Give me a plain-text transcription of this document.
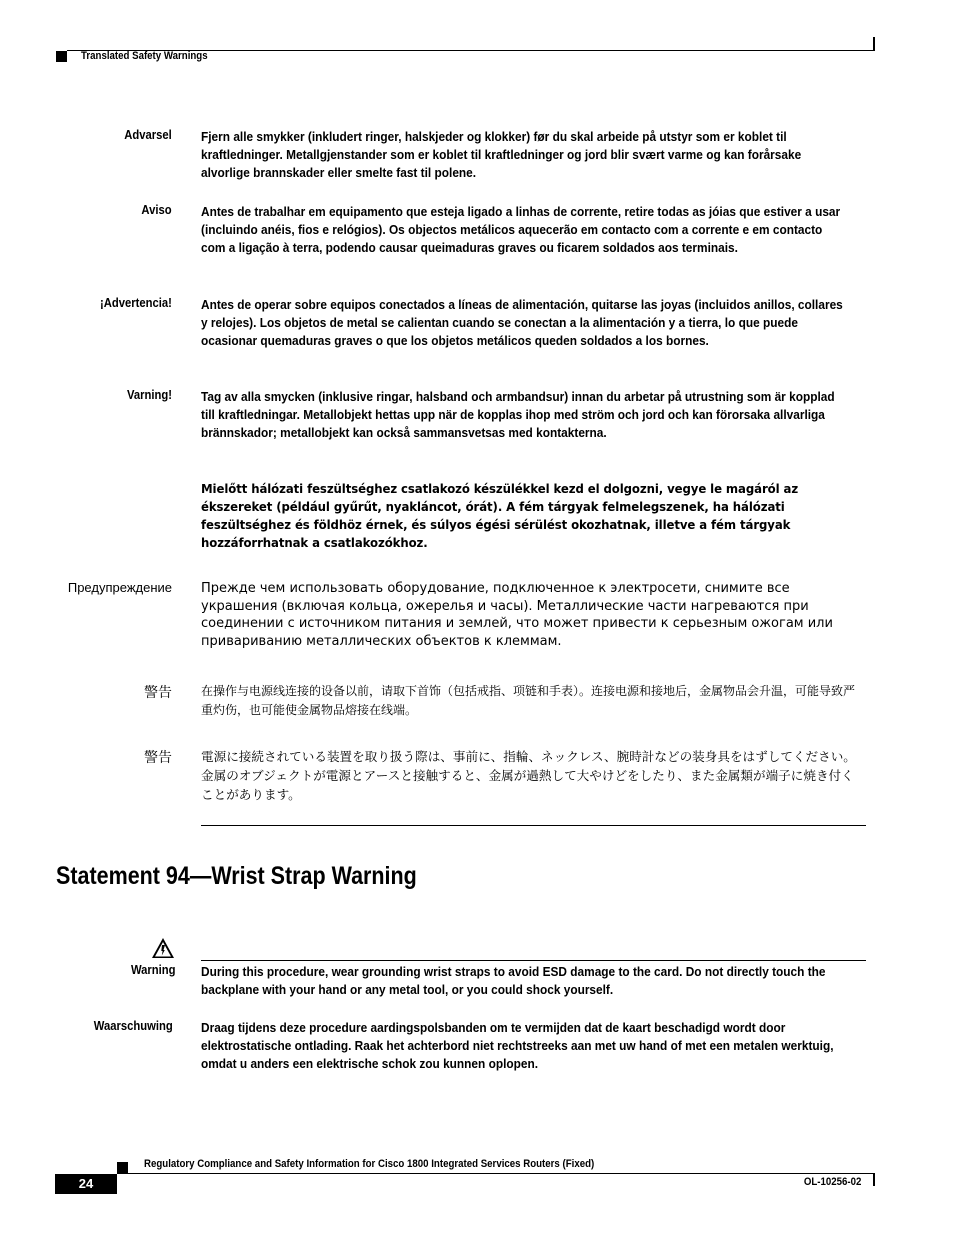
Translated Safety Warnings
Advarsel Fjern alle smykker (inkludert ringer, halskjeder og klokker) før du skal arbeide på utstyr som er koblet til kraftledninger. Metallgjenstander som er koblet til kraftledninger og jord blir svært varme og kan forårsake alvorlige brannskader eller smelte fast til polene.
Aviso Antes de trabalhar em equipamento que esteja ligado a linhas de corrente, retire todas as jóias que estiver a usar (incluindo anéis, fios e relógios). Os objectos metálicos aquecerão em contacto com a corrente e em contacto com a ligação à terra, podendo causar queimaduras graves ou ficarem soldados aos terminais.
¡Advertencia! Antes de operar sobre equipos conectados a líneas de alimentación, quitarse las joyas (incluidos anillos, collares y relojes). Los objetos de metal se calientan cuando se conectan a la alimentación y a tierra, lo que puede ocasionar quemaduras graves o que los objetos metálicos queden soldados a los bornes.
Varning! Tag av alla smycken (inklusive ringar, halsband och armbandsur) innan du arbetar på utrustning som är kopplad till kraftledningar. Metallobjekt hettas upp när de kopplas ihop med ström och jord och kan förorsaka allvarliga brännskador; metallobjekt kan också sammansvetsas med kontakterna.
Mielőtt hálózati feszültséghez csatlakozó készülékkel kezd el dolgozni, vegye le magáról az ékszereket (például gyűrűt, nyakláncot, órát). A fém tárgyak felmelegszenek, ha hálózati feszültséghez és földhöz érnek, és súlyos égési sérülést okozhatnak, illetve a fém tárgyak hozzáforrhatnak a csatlakozókhoz.
Предупреждение Прежде чем использовать оборудование, подключенное к электросети, снимите все украшения (включая кольца, ожерелья и часы). Металлические части нагреваются при соединении с источником питания и землей, что может привести к серьезным ожогам или привариванию металлических объектов к клеммам.
警告 在操作与电源线连接的设备以前，请取下首饰（包括戒指、项链和手表）。连接电源和接地后，金属物品会升温，可能导致严重灼伤，也可能使金属物品熔接在线端。
警告 電源に接続されている装置を取り扱う際は、事前に、指輪、ネックレス、腕時計などの装身具をはずしてください。金属のオブジェクトが電源とアースと接触すると、金属が過熱して大やけどをしたり、また金属類が端子に焼き付くことがあります。
Statement 94—Wrist Strap Warning
Warning During this procedure, wear grounding wrist straps to avoid ESD damage to the card. Do not directly touch the backplane with your hand or any metal tool, or you could shock yourself.
Waarschuwing Draag tijdens deze procedure aardingspolsbanden om te vermijden dat de kaart beschadigd wordt door elektrostatische ontlading. Raak het achterbord niet rechtstreeks aan met uw hand of met een metalen werktuig, omdat u anders een elektrische schok zou kunnen oplopen.
Regulatory Compliance and Safety Information for Cisco 1800 Integrated Services Routers (Fixed)
24	OL-10256-02
